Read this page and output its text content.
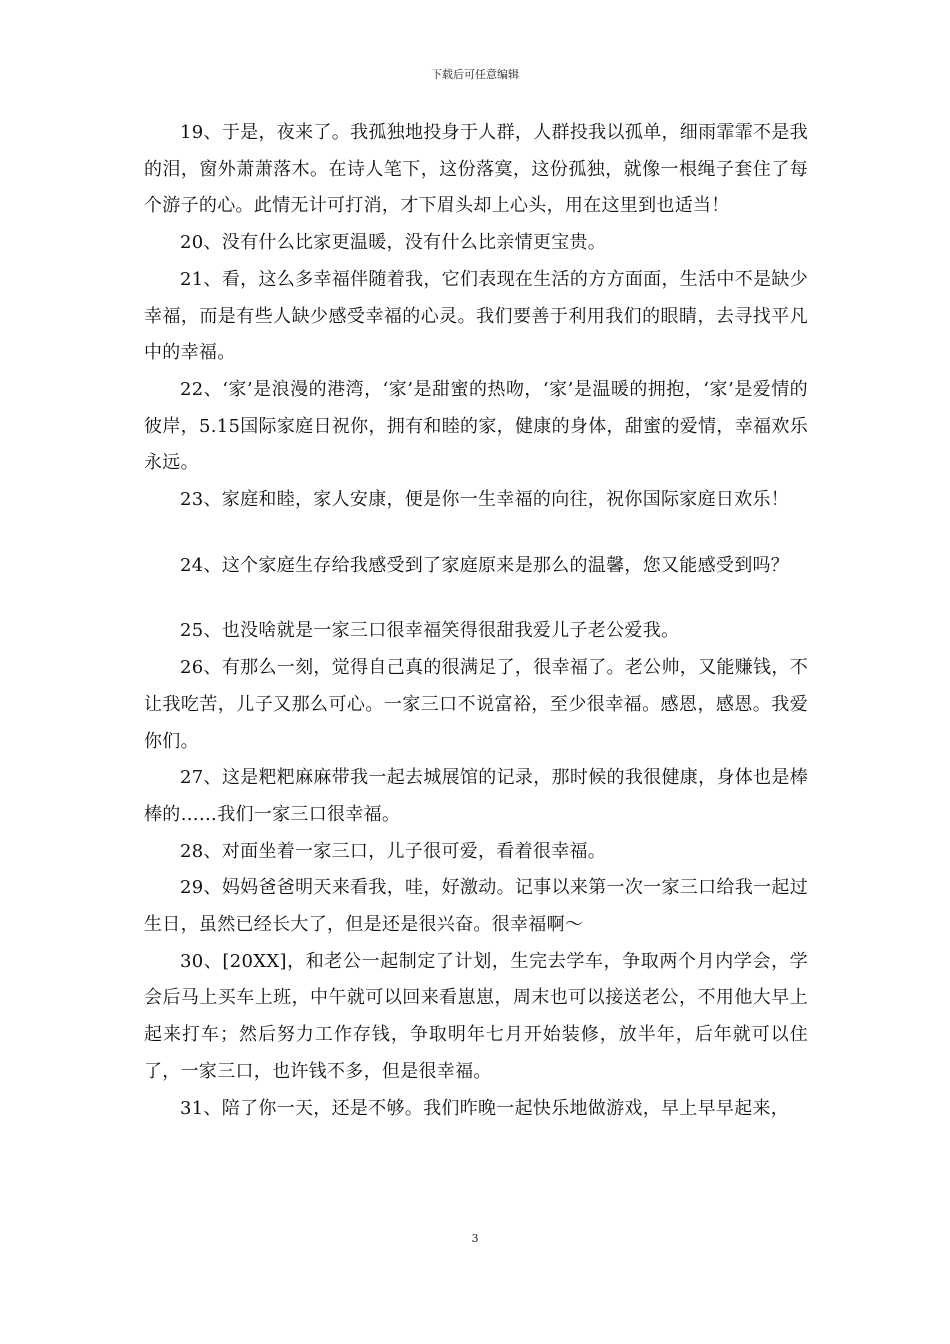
下载后可任意编辑

19、于是，夜来了。我孤独地投身于人群，人群投我以孤单，细雨霏霏不是我的泪，窗外萧萧落木。在诗人笔下，这份落寞，这份孤独，就像一根绳子套住了每个游子的心。此情无计可打消，才下眉头却上心头，用在这里到也适当！

20、没有什么比家更温暖，没有什么比亲情更宝贵。

21、看，这么多幸福伴随着我，它们表现在生活的方方面面，生活中不是缺少幸福，而是有些人缺少感受幸福的心灵。我们要善于利用我们的眼睛，去寻找平凡中的幸福。

22、‘家’是浪漫的港湾，‘家’是甜蜜的热吻，‘家’是温暖的拥抱，‘家’是爱情的彼岸，5.15国际家庭日祝你，拥有和睦的家，健康的身体，甜蜜的爱情，幸福欢乐永远。

23、家庭和睦，家人安康，便是你一生幸福的向往，祝你国际家庭日欢乐！

24、这个家庭生存给我感受到了家庭原来是那么的温馨，您又能感受到吗？

25、也没啥就是一家三口很幸福笑得很甜我爱儿子老公爱我。

26、有那么一刻，觉得自己真的很满足了，很幸福了。老公帅，又能赚钱，不让我吃苦，儿子又那么可心。一家三口不说富裕，至少很幸福。感恩，感恩。我爱你们。

27、这是粑粑麻麻带我一起去城展馆的记录，那时候的我很健康，身体也是棒棒的……我们一家三口很幸福。

28、对面坐着一家三口，儿子很可爱，看着很幸福。

29、妈妈爸爸明天来看我，哇，好激动。记事以来第一次一家三口给我一起过生日，虽然已经长大了，但是还是很兴奋。很幸福啊～

30、[20XX]，和老公一起制定了计划，生完去学车，争取两个月内学会，学会后马上买车上班，中午就可以回来看崽崽，周末也可以接送老公，不用他大早上起来打车；然后努力工作存钱，争取明年七月开始装修，放半年，后年就可以住了，一家三口，也许钱不多，但是很幸福。

31、陪了你一天，还是不够。我们昨晚一起快乐地做游戏，早上早早起来，

3
